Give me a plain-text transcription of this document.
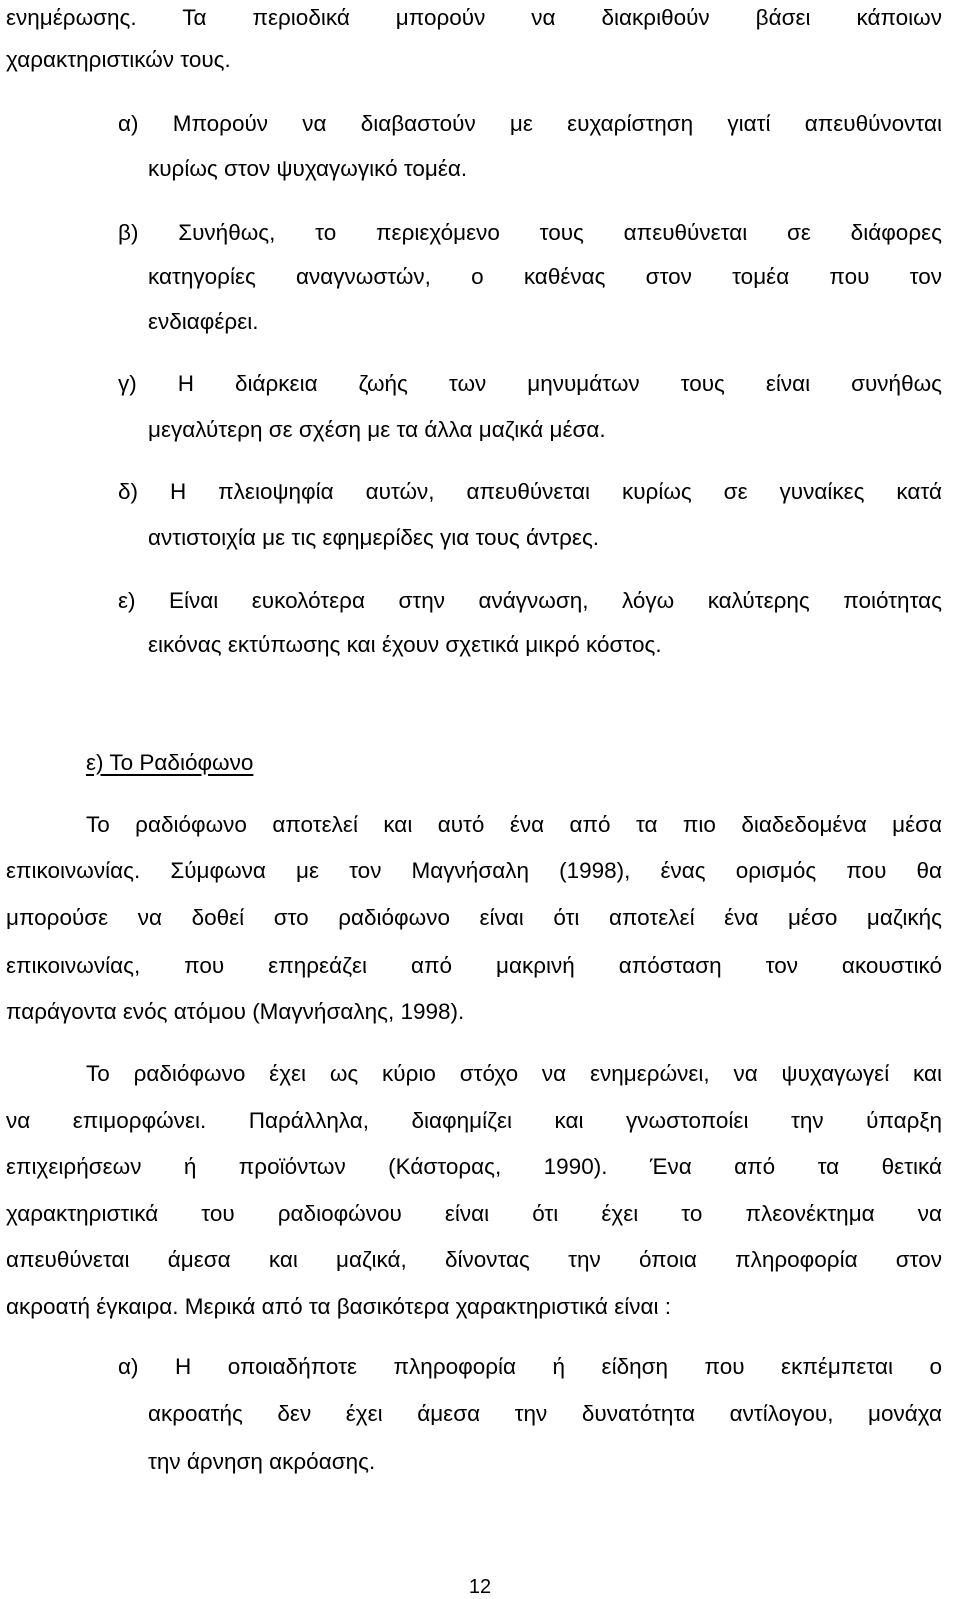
ενημέρωσης. Τα περιοδικά μπορούν να διακριθούν βάσει κάποιων
χαρακτηριστικών τους.
α) Μπορούν να διαβαστούν με ευχαρίστηση γιατί απευθύνονται
κυρίως στον ψυχαγωγικό τομέα.
β) Συνήθως, το περιεχόμενο τους απευθύνεται σε διάφορες
κατηγορίες αναγνωστών, ο καθένας στον τομέα που τον
ενδιαφέρει.
γ) Η διάρκεια ζωής των μηνυμάτων τους είναι συνήθως
μεγαλύτερη σε σχέση με τα άλλα μαζικά μέσα.
δ) Η πλειοψηφία αυτών, απευθύνεται κυρίως σε γυναίκες κατά
αντιστοιχία με τις εφημερίδες για τους άντρες.
ε) Είναι ευκολότερα στην ανάγνωση, λόγω καλύτερης ποιότητας
εικόνας εκτύπωσης και έχουν σχετικά μικρό κόστος.
ε) Το Ραδιόφωνο
Το ραδιόφωνο αποτελεί και αυτό ένα από τα πιο διαδεδομένα μέσα
επικοινωνίας. Σύμφωνα με τον Μαγνήσαλη (1998), ένας ορισμός που θα
μπορούσε να δοθεί στο ραδιόφωνο είναι ότι αποτελεί ένα μέσο μαζικής
επικοινωνίας, που επηρεάζει από μακρινή απόσταση τον ακουστικό
παράγοντα ενός ατόμου (Μαγνήσαλης, 1998).
Το ραδιόφωνο έχει ως κύριο στόχο να ενημερώνει, να ψυχαγωγεί και
να επιμορφώνει. Παράλληλα, διαφημίζει και γνωστοποίει την ύπαρξη
επιχειρήσεων ή προϊόντων (Κάστορας, 1990). Ένα από τα θετικά
χαρακτηριστικά του ραδιοφώνου είναι ότι έχει το πλεονέκτημα να
απευθύνεται άμεσα και μαζικά, δίνοντας την όποια πληροφορία στον
ακροατή έγκαιρα. Μερικά από τα βασικότερα χαρακτηριστικά είναι :
α) Η οποιαδήποτε πληροφορία ή είδηση που εκπέμπεται ο
ακροατής δεν έχει άμεσα την δυνατότητα αντίλογου, μονάχα
την άρνηση ακρόασης.
12
